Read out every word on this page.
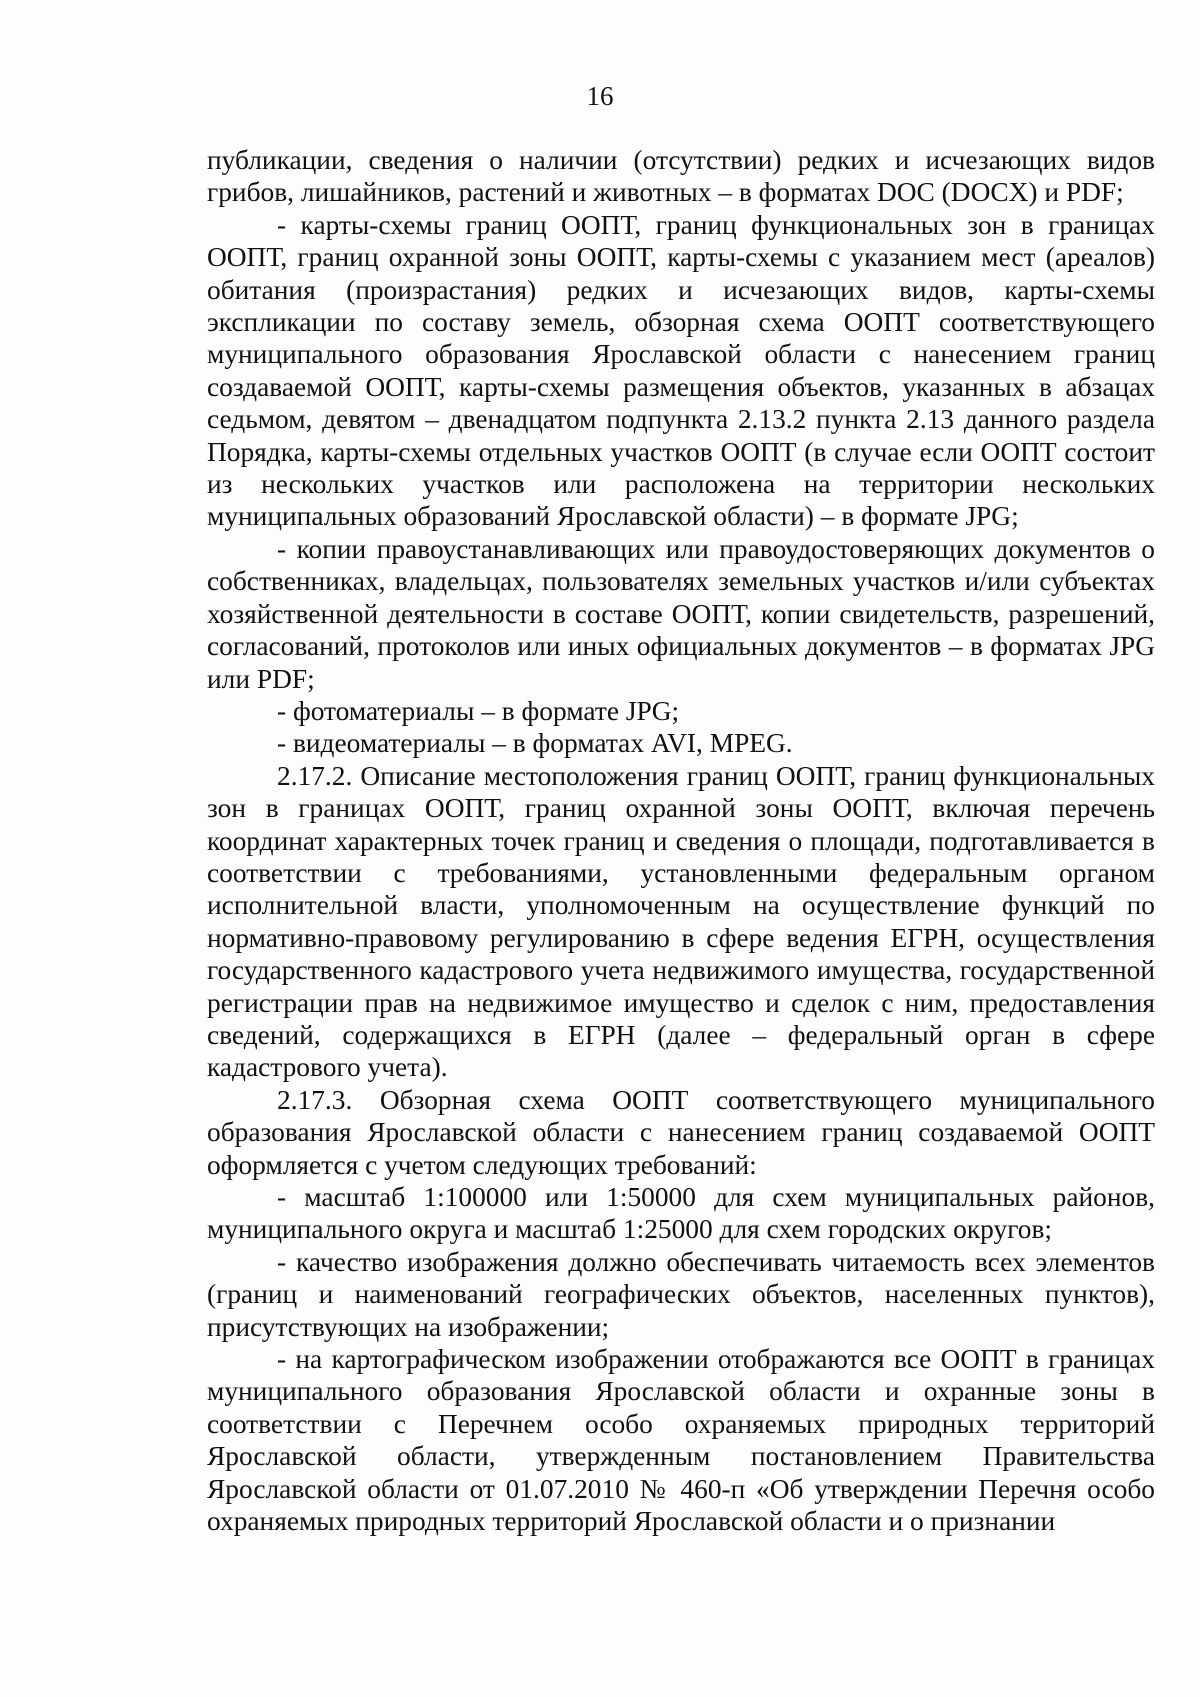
16

публикации, сведения о наличии (отсутствии) редких и исчезающих видов грибов, лишайников, растений и животных – в форматах DOC (DOCX) и PDF;

- карты-схемы границ ООПТ, границ функциональных зон в границах ООПТ, границ охранной зоны ООПТ, карты-схемы с указанием мест (ареалов) обитания (произрастания) редких и исчезающих видов, карты-схемы экспликации по составу земель, обзорная схема ООПТ соответствующего муниципального образования Ярославской области с нанесением границ создаваемой ООПТ, карты-схемы размещения объектов, указанных в абзацах седьмом, девятом – двенадцатом подпункта 2.13.2 пункта 2.13 данного раздела Порядка, карты-схемы отдельных участков ООПТ (в случае если ООПТ состоит из нескольких участков или расположена на территории нескольких муниципальных образований Ярославской области) – в формате JPG;

- копии правоустанавливающих или правоудостоверяющих документов о собственниках, владельцах, пользователях земельных участков и/или субъектах хозяйственной деятельности в составе ООПТ, копии свидетельств, разрешений, согласований, протоколов или иных официальных документов – в форматах JPG или PDF;

- фотоматериалы – в формате JPG;

- видеоматериалы – в форматах AVI, MPEG.

2.17.2. Описание местоположения границ ООПТ, границ функциональных зон в границах ООПТ, границ охранной зоны ООПТ, включая перечень координат характерных точек границ и сведения о площади, подготавливается в соответствии с требованиями, установленными федеральным органом исполнительной власти, уполномоченным на осуществление функций по нормативно-правовому регулированию в сфере ведения ЕГРН, осуществления государственного кадастрового учета недвижимого имущества, государственной регистрации прав на недвижимое имущество и сделок с ним, предоставления сведений, содержащихся в ЕГРН (далее – федеральный орган в сфере кадастрового учета).

2.17.3. Обзорная схема ООПТ соответствующего муниципального образования Ярославской области с нанесением границ создаваемой ООПТ оформляется с учетом следующих требований:

- масштаб 1:100000 или 1:50000 для схем муниципальных районов, муниципального округа и масштаб 1:25000 для схем городских округов;

- качество изображения должно обеспечивать читаемость всех элементов (границ и наименований географических объектов, населенных пунктов), присутствующих на изображении;

- на картографическом изображении отображаются все ООПТ в границах муниципального образования Ярославской области и охранные зоны в соответствии с Перечнем особо охраняемых природных территорий Ярославской области, утвержденным постановлением Правительства Ярославской области от 01.07.2010 № 460-п «Об утверждении Перечня особо охраняемых природных территорий Ярославской области и о признании
